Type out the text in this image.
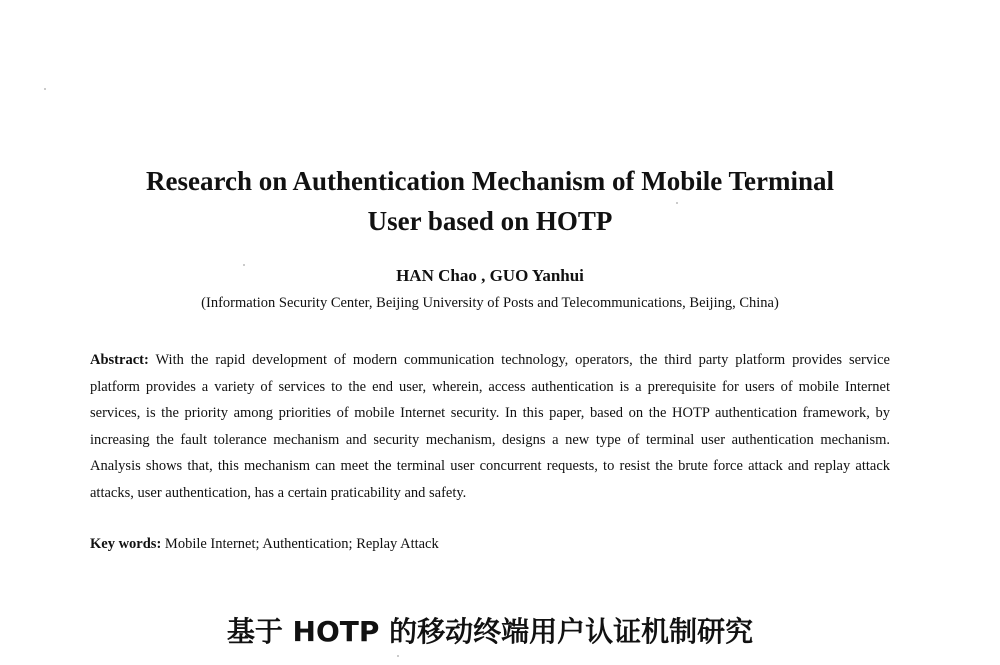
Research on Authentication Mechanism of Mobile Terminal
User based on HOTP
HAN Chao , GUO Yanhui
(Information Security Center, Beijing University of Posts and Telecommunications, Beijing, China)

Abstract: With the rapid development of modern communication technology, operators, the third party platform provides service platform provides a variety of services to the end user, wherein, access authentication is a prerequisite for users of mobile Internet services, is the priority among priorities of mobile Internet security. In this paper, based on the HOTP authentication framework, by increasing the fault tolerance mechanism and security mechanism, designs a new type of terminal user authentication mechanism. Analysis shows that, this mechanism can meet the terminal user concurrent requests, to resist the brute force attack and replay attack attacks, user authentication, has a certain praticability and safety.

Key words: Mobile Internet; Authentication; Replay Attack
基于 HOTP 的移动终端用户认证机制研究
